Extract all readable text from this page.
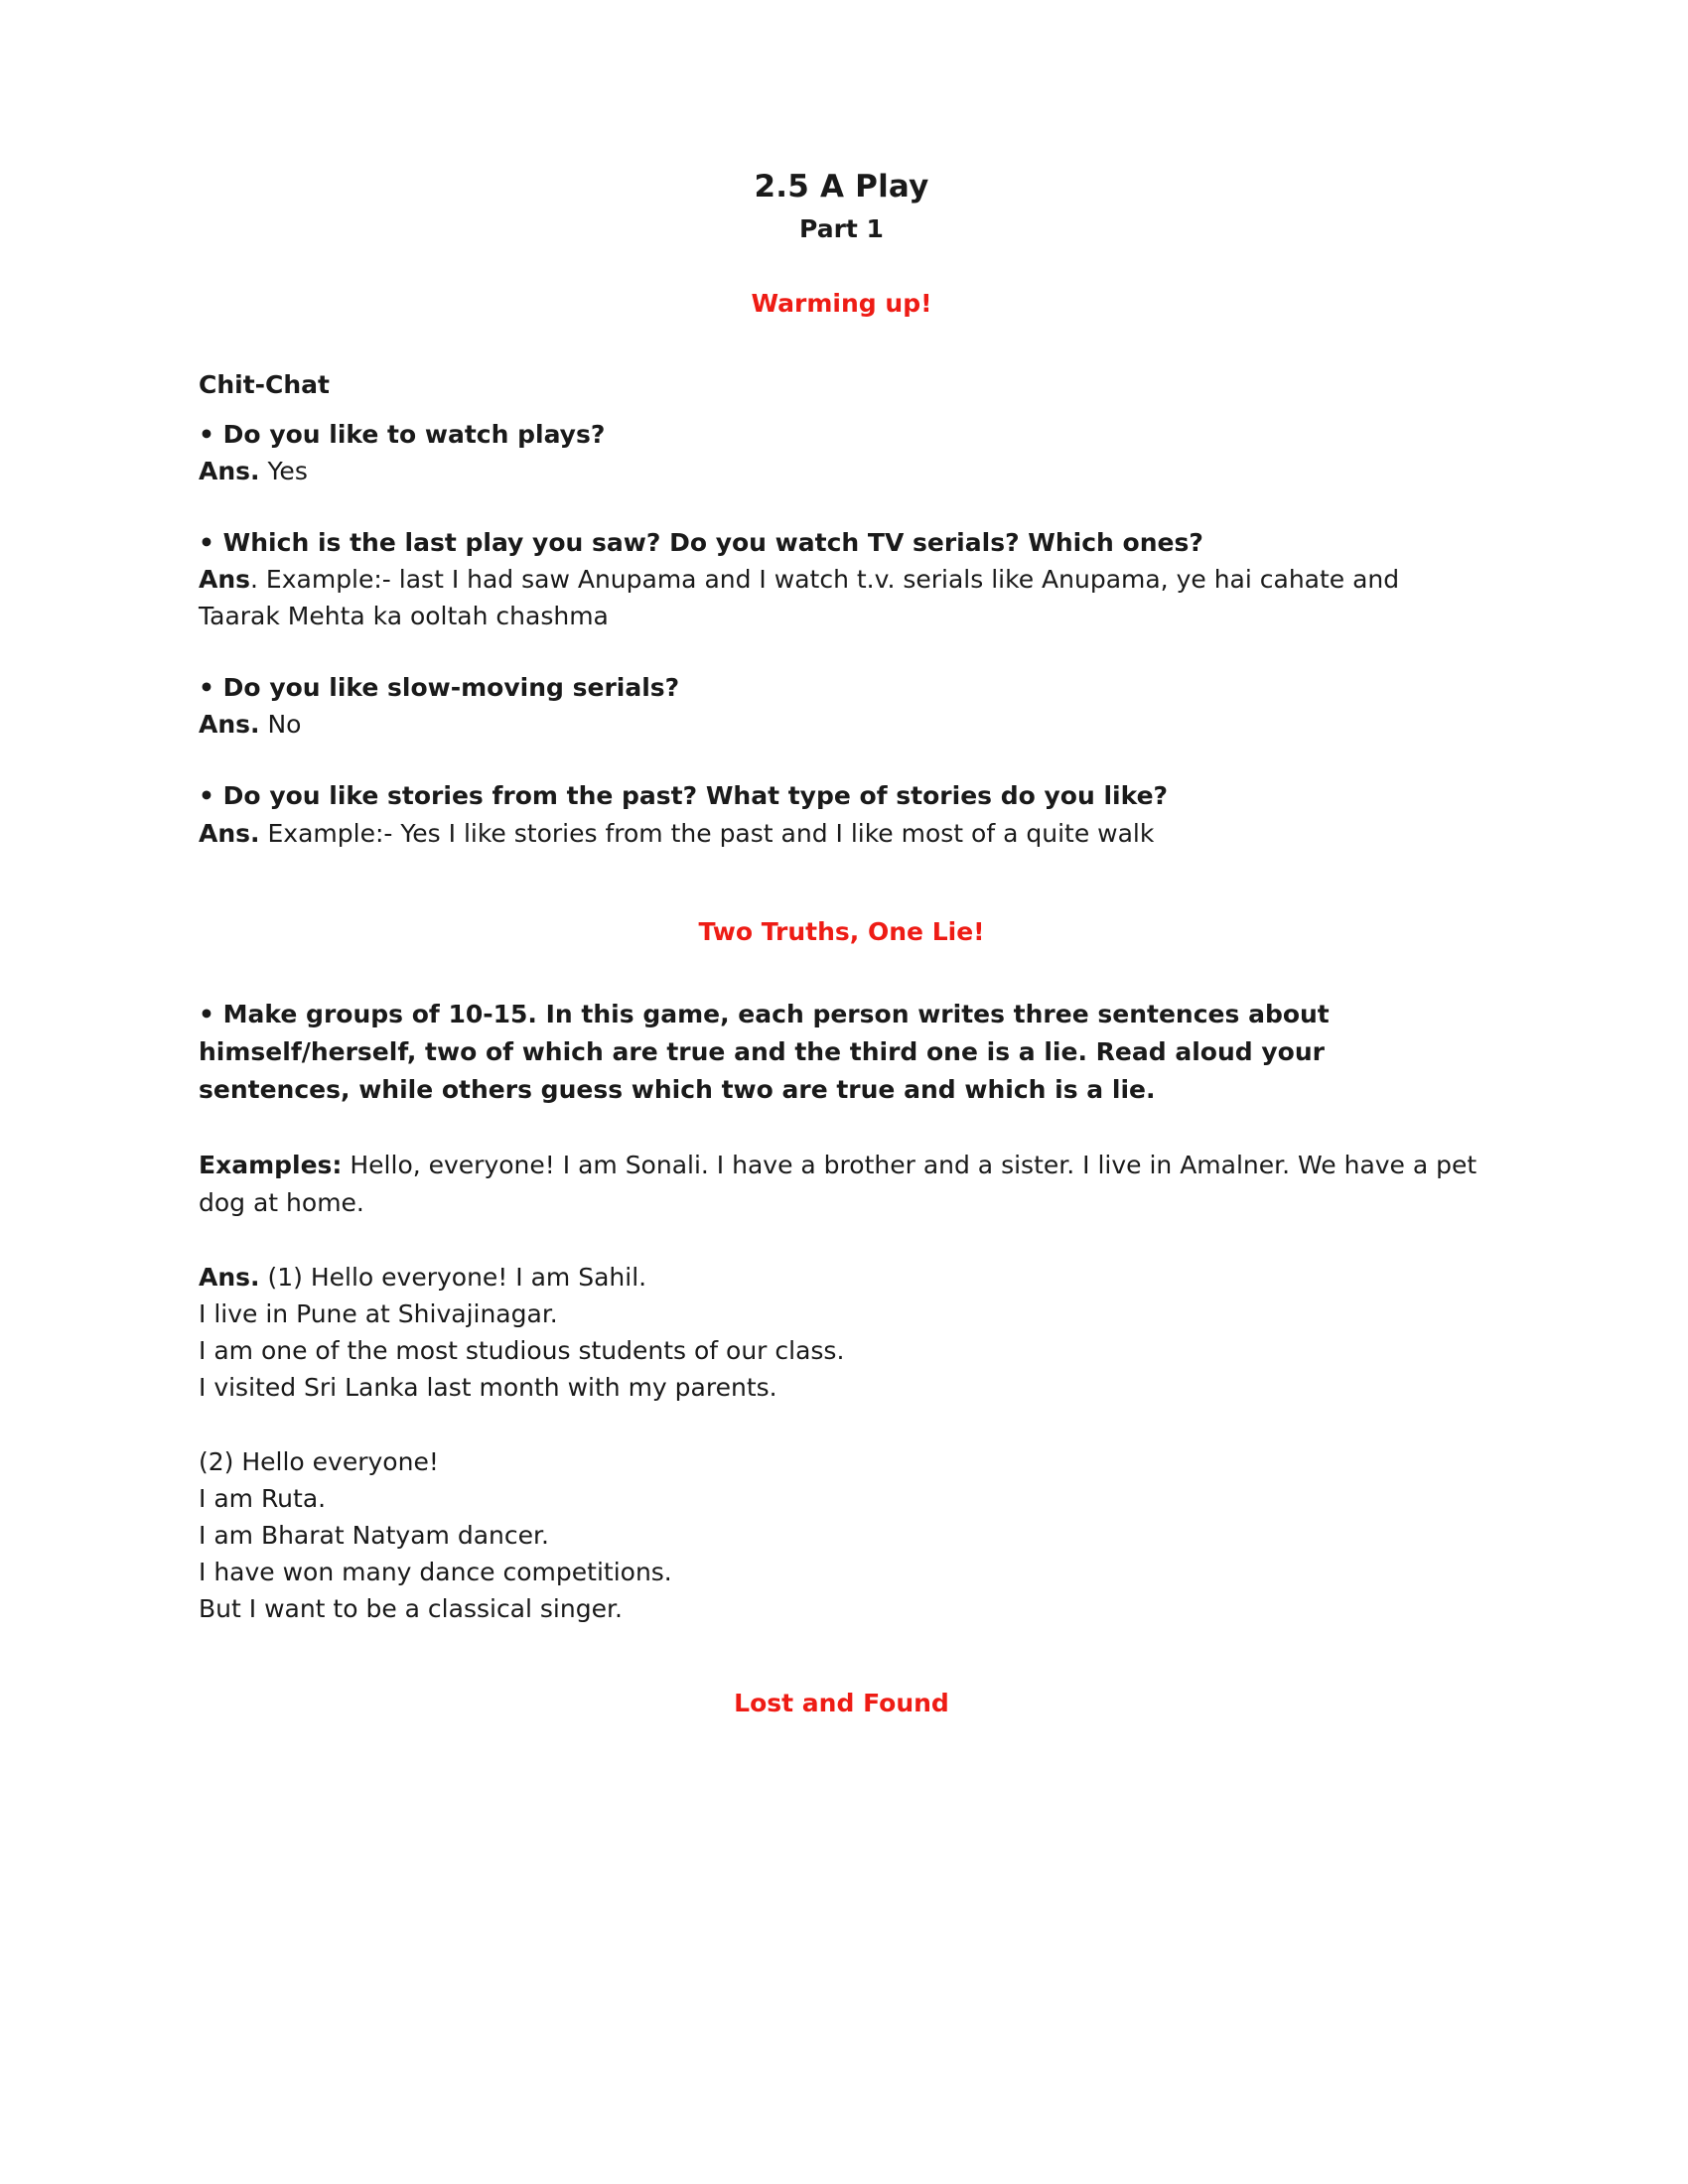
2.5 A Play
Part 1
Warming up!

Chit-Chat

• Do you like to watch plays?

Ans. Yes

• Which is the last play you saw? Do you watch TV serials? Which ones?

Ans. Example:- last I had saw Anupama and I watch t.v. serials like Anupama, ye hai cahate and Taarak Mehta ka ooltah chashma

• Do you like slow-moving serials?

Ans. No

• Do you like stories from the past? What type of stories do you like?

Ans. Example:- Yes I like stories from the past and I like most of a quite walk

Two Truths, One Lie!

• Make groups of 10-15. In this game, each person writes three sentences about himself/herself, two of which are true and the third one is a lie. Read aloud your sentences, while others guess which two are true and which is a lie.

Examples: Hello, everyone! I am Sonali. I have a brother and a sister. I live in Amalner. We have a pet dog at home.

Ans. (1) Hello everyone! I am Sahil.

I live in Pune at Shivajinagar.

I am one of the most studious students of our class.

I visited Sri Lanka last month with my parents.

(2) Hello everyone!

I am Ruta.

I am Bharat Natyam dancer.

I have won many dance competitions.

But I want to be a classical singer.

Lost and Found
